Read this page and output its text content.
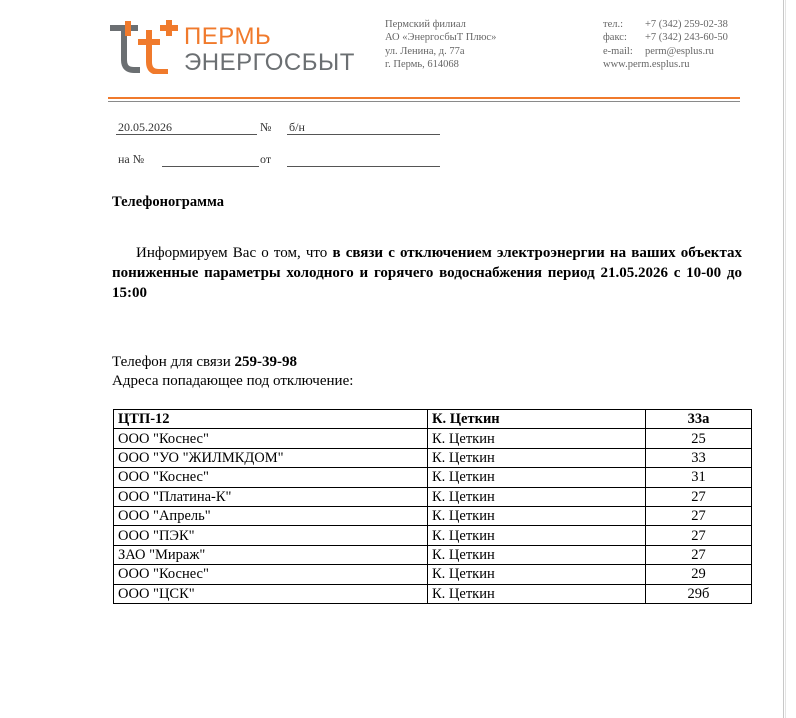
ПЕРМЬ
ЭНЕРГОСБЫТ
Пермский филиал
АО «ЭнергосбыТ Плюс»
ул. Ленина, д. 77а
г. Пермь, 614068
тел.:	+7 (342) 259-02-38
факс:	+7 (342) 243-60-50
e-mail:	perm@esplus.ru
www.perm.esplus.ru
20.05.2026	№ б/н
на №	от
Телефонограмма
Информируем Вас о том, что в связи с отключением электроэнергии на ваших объектах пониженные параметры холодного и горячего водоснабжения период 21.05.2026 с 10-00 до 15:00
Телефон для связи 259-39-98
Адреса попадающее под отключение:
ЦТП-12	К. Цеткин	33а
ООО "Коснес"	К. Цеткин	25
ООО "УО "ЖИЛМКДОМ"	К. Цеткин	33
ООО "Коснес"	К. Цеткин	31
ООО "Платина-К"	К. Цеткин	27
ООО "Апрель"	К. Цеткин	27
ООО "ПЭК"	К. Цеткин	27
ЗАО "Мираж"	К. Цеткин	27
ООО "Коснес"	К. Цеткин	29
ООО "ЦСК"	К. Цеткин	29б
